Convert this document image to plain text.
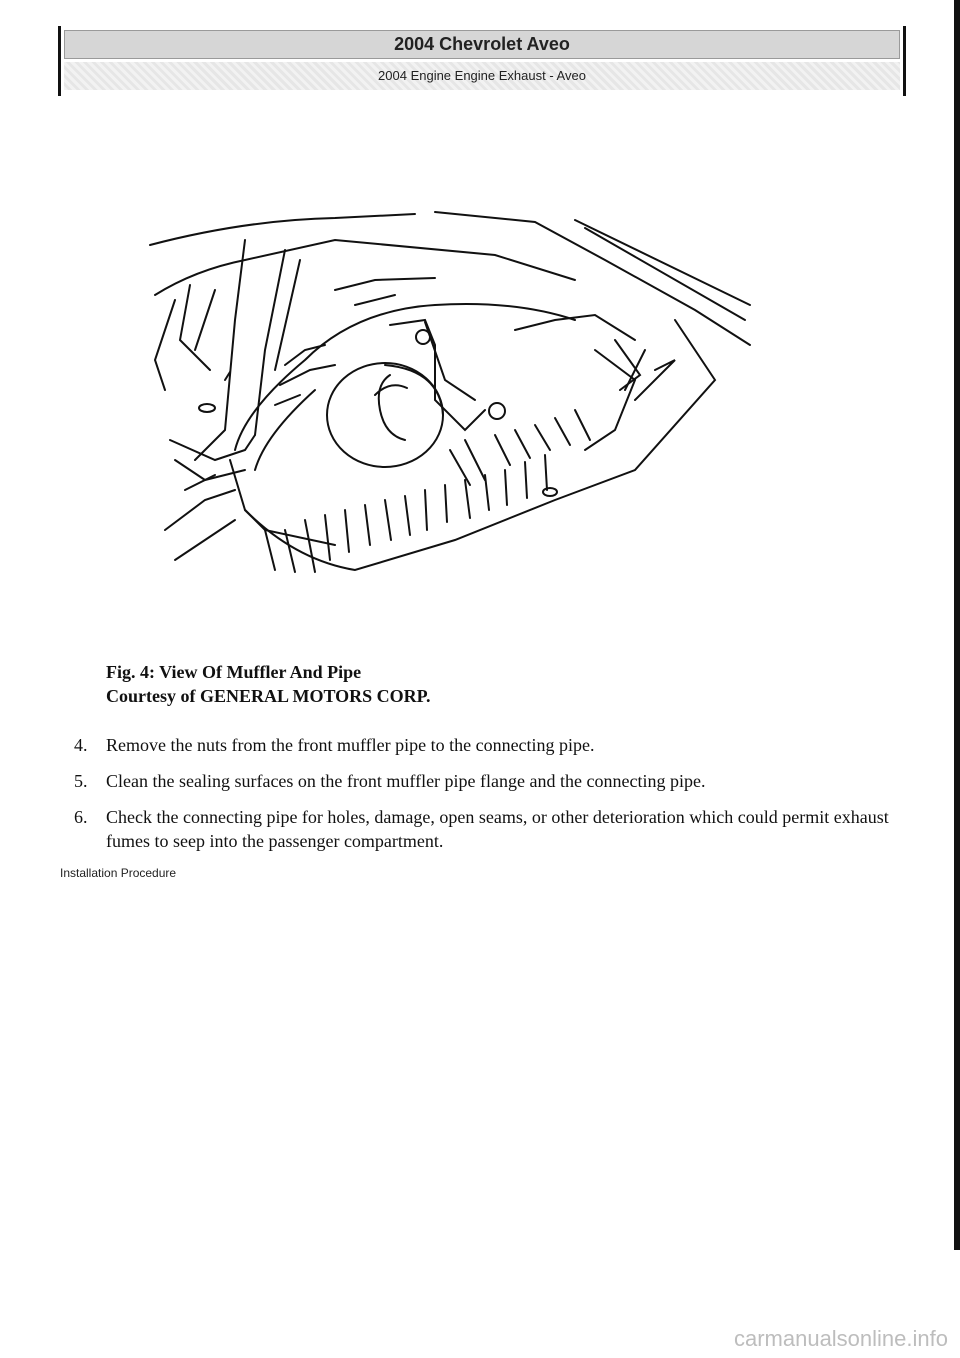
2004 Chevrolet Aveo
2004 Engine Engine Exhaust - Aveo
Fig. 4: View Of Muffler And Pipe
Courtesy of GENERAL MOTORS CORP.
4. Remove the nuts from the front muffler pipe to the connecting pipe.
5. Clean the sealing surfaces on the front muffler pipe flange and the connecting pipe.
6. Check the connecting pipe for holes, damage, open seams, or other deterioration which could permit exhaust fumes to seep into the passenger compartment.
Installation Procedure
carmanualsonline.info
